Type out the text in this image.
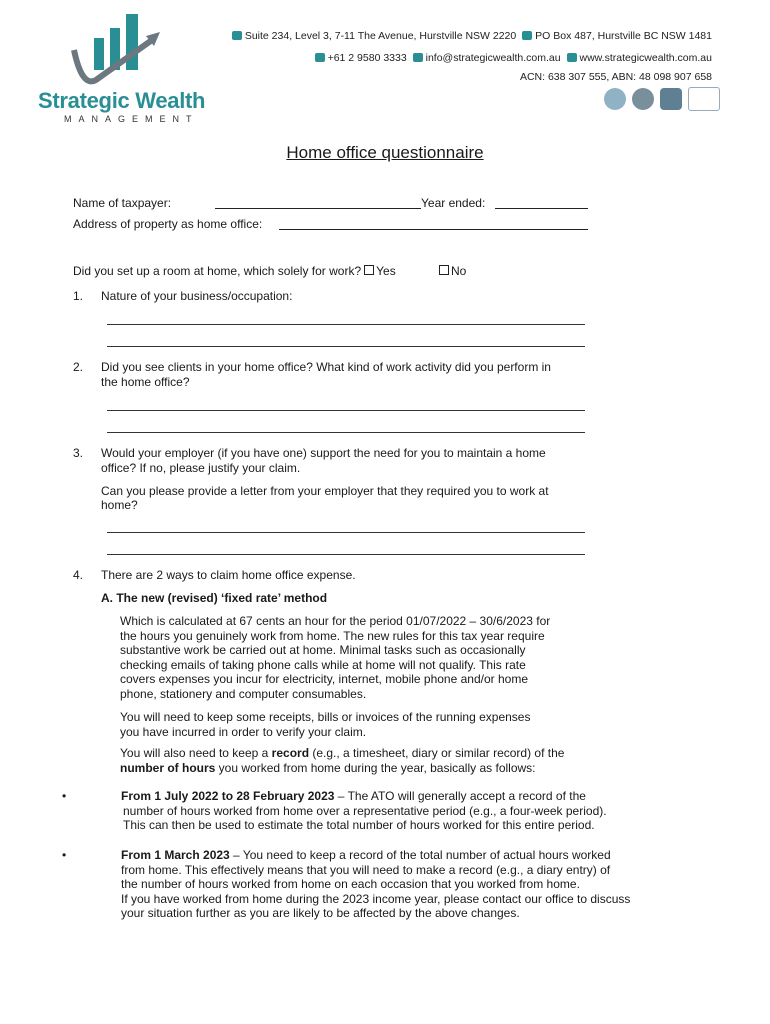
Strategic Wealth
MANAGEMENT
Suite 234, Level 3, 7-11 The Avenue, Hurstville NSW 2220 PO Box 487, Hurstville BC NSW 1481
+61 2 9580 3333 info@strategicwealth.com.au www.strategicwealth.com.au
ACN: 638 307 555, ABN: 48 098 907 658
Home office questionnaire
Name of taxpayer:	Year ended:
Address of property as home office:
Did you set up a room at home, which solely for work? Yes	No
1. Nature of your business/occupation:
2. Did you see clients in your home office? What kind of work activity did you perform in
the home office?
3. Would your employer (if you have one) support the need for you to maintain a home
office? If no, please justify your claim.
Can you please provide a letter from your employer that they required you to work at
home?
4. There are 2 ways to claim home office expense.
A. The new (revised) ‘fixed rate’ method
Which is calculated at 67 cents an hour for the period 01/07/2022 – 30/6/2023 for
the hours you genuinely work from home. The new rules for this tax year require
substantive work be carried out at home. Minimal tasks such as occasionally
checking emails of taking phone calls while at home will not qualify. This rate
covers expenses you incur for electricity, internet, mobile phone and/or home
phone, stationery and computer consumables.
You will need to keep some receipts, bills or invoices of the running expenses
you have incurred in order to verify your claim.
You will also need to keep a record (e.g., a timesheet, diary or similar record) of the
number of hours you worked from home during the year, basically as follows:
•	From 1 July 2022 to 28 February 2023 – The ATO will generally accept a record of the
number of hours worked from home over a representative period (e.g., a four-week period).
This can then be used to estimate the total number of hours worked for this entire period.
•	From 1 March 2023 – You need to keep a record of the total number of actual hours worked
from home. This effectively means that you will need to make a record (e.g., a diary entry) of
the number of hours worked from home on each occasion that you worked from home.
If you have worked from home during the 2023 income year, please contact our office to discuss
your situation further as you are likely to be affected by the above changes.
